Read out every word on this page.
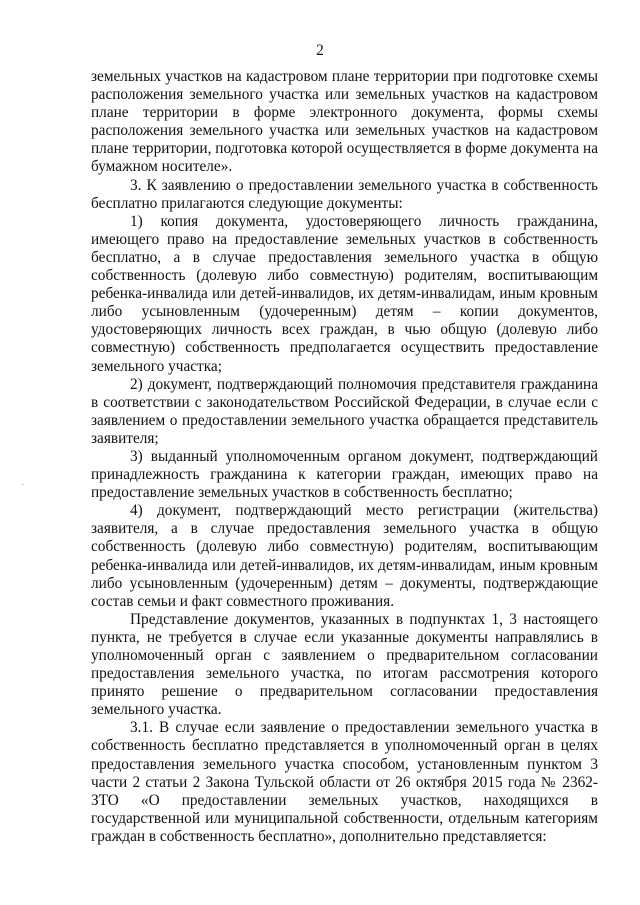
2

земельных участков на кадастровом плане территории при подготовке схемы расположения земельного участка или земельных участков на кадастровом плане территории в форме электронного документа, формы схемы расположения земельного участка или земельных участков на кадастровом плане территории, подготовка которой осуществляется в форме документа на бумажном носителе».

3. К заявлению о предоставлении земельного участка в собственность бесплатно прилагаются следующие документы:

1) копия документа, удостоверяющего личность гражданина, имеющего право на предоставление земельных участков в собственность бесплатно, а в случае предоставления земельного участка в общую собственность (долевую либо совместную) родителям, воспитывающим ребенка-инвалида или детей-инвалидов, их детям-инвалидам, иным кровным либо усыновленным (удочеренным) детям – копии документов, удостоверяющих личность всех граждан, в чью общую (долевую либо совместную) собственность предполагается осуществить предоставление земельного участка;

2) документ, подтверждающий полномочия представителя гражданина в соответствии с законодательством Российской Федерации, в случае если с заявлением о предоставлении земельного участка обращается представитель заявителя;

3) выданный уполномоченным органом документ, подтверждающий принадлежность гражданина к категории граждан, имеющих право на предоставление земельных участков в собственность бесплатно;

4) документ, подтверждающий место регистрации (жительства) заявителя, а в случае предоставления земельного участка в общую собственность (долевую либо совместную) родителям, воспитывающим ребенка-инвалида или детей-инвалидов, их детям-инвалидам, иным кровным либо усыновленным (удочеренным) детям – документы, подтверждающие состав семьи и факт совместного проживания.

Представление документов, указанных в подпунктах 1, 3 настоящего пункта, не требуется в случае если указанные документы направлялись в уполномоченный орган с заявлением о предварительном согласовании предоставления земельного участка, по итогам рассмотрения которого принято решение о предварительном согласовании предоставления земельного участка.

3.1. В случае если заявление о предоставлении земельного участка в собственность бесплатно представляется в уполномоченный орган в целях предоставления земельного участка способом, установленным пунктом 3 части 2 статьи 2 Закона Тульской области от 26 октября 2015 года № 2362-ЗТО «О предоставлении земельных участков, находящихся в государственной или муниципальной собственности, отдельным категориям граждан в собственность бесплатно», дополнительно представляется:

·
